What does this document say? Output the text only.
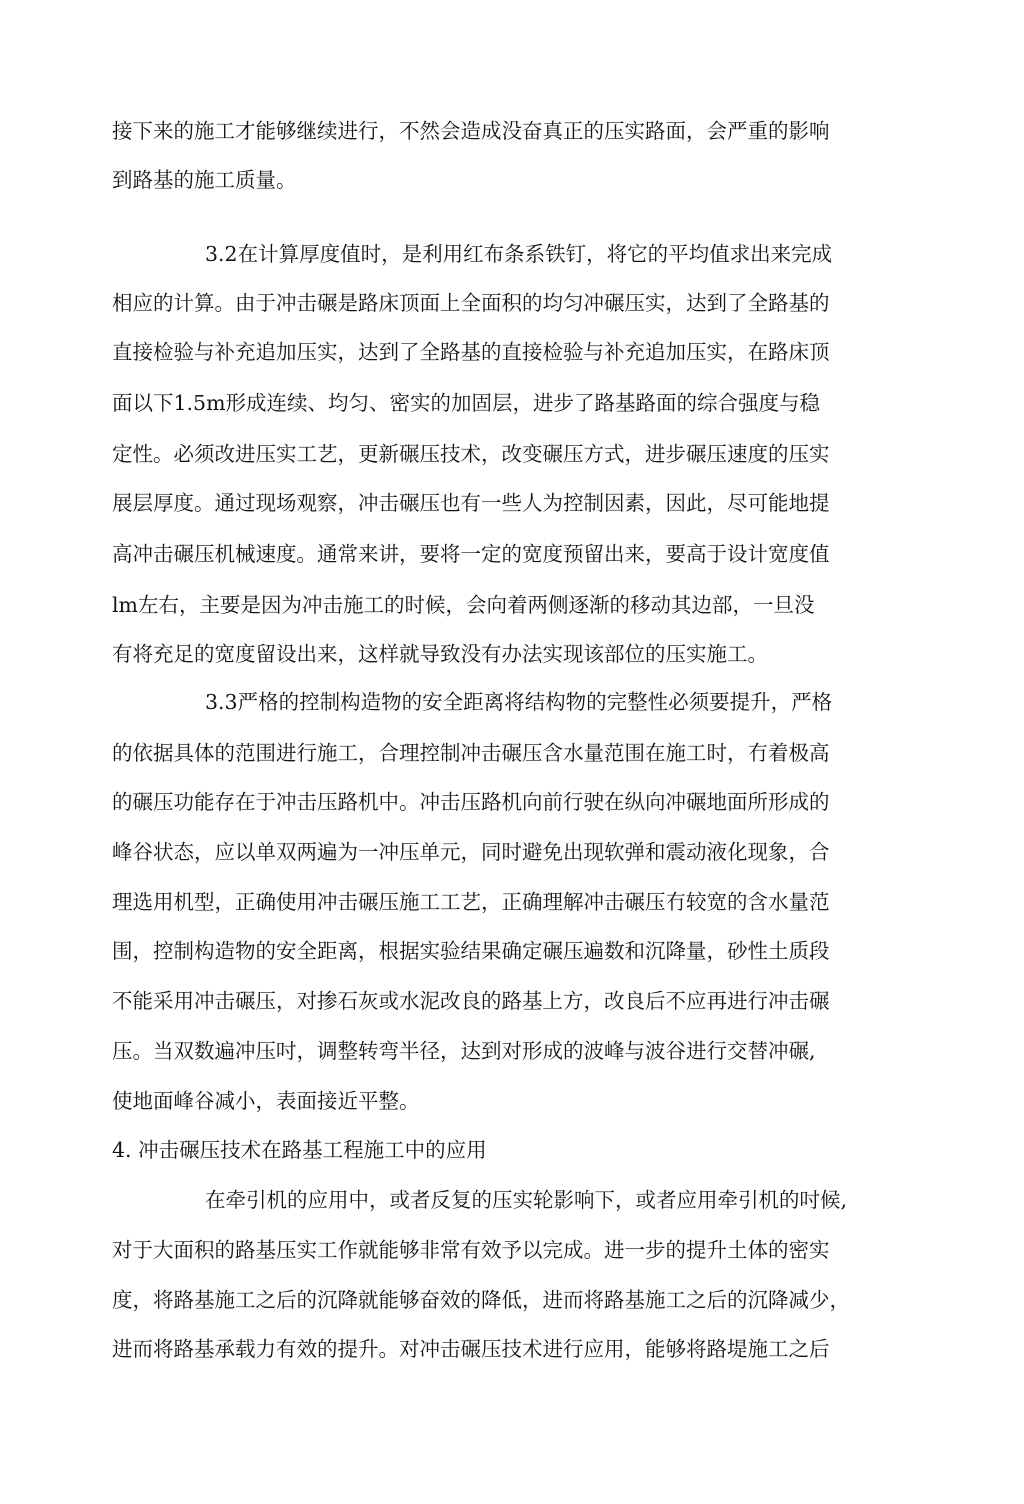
接下来的施工才能够继续进行，不然会造成没奋真正的压实路面，会严重的影响
到路基的施工质量。
3.2在计算厚度值时，是利用红布条系铁钉，将它的平均值求出来完成
相应的计算。由于冲击碾是路床顶面上全面积的均匀冲碾压实，达到了全路基的
直接检验与补充追加压实，达到了全路基的直接检验与补充追加压实，在路床顶
面以下1.5m形成连续、均匀、密实的加固层，进步了路基路面的综合强度与稳
定性。必须改进压实工艺，更新碾压技术，改变碾压方式，进步碾压速度的压实
展层厚度。通过现场观察，冲击碾压也有一些人为控制因素，因此，尽可能地提
高冲击碾压机械速度。通常来讲，要将一定的宽度预留出来，要高于设计宽度值
lm左右，主要是因为冲击施工的时候，会向着两侧逐渐的移动其边部，一旦没
有将充足的宽度留设出来，这样就导致没有办法实现该部位的压实施工。
3.3严格的控制构造物的安全距离将结构物的完整性必须要提升，严格
的依据具体的范围进行施工，合理控制冲击碾压含水量范围在施工时，冇着极高
的碾压功能存在于冲击压路机中。冲击压路机向前行驶在纵向冲碾地面所形成的
峰谷状态，应以单双两遍为一冲压单元，同时避免出现软弹和震动液化现象，合
理选用机型，正确使用冲击碾压施工工艺，正确理解冲击碾压冇较宽的含水量范
围，控制构造物的安全距离，根据实验结果确定碾压遍数和沉降量，砂性土质段
不能采用冲击碾压，对掺石灰或水泥改良的路基上方，改良后不应再进行冲击碾
压。当双数遍冲压吋，调整转弯半径，达到对形成的波峰与波谷进行交替冲碾,
使地面峰谷减小，表面接近平整。
4. 冲击碾压技术在路基工程施工中的应用
在牵引机的应用中，或者反复的压实轮影响下，或者应用牵引机的吋候,
对于大面积的路基压实工作就能够非常有效予以完成。进一步的提升土体的密实
度，将路基施工之后的沉降就能够奋效的降低，进而将路基施工之后的沉降减少，
进而将路基承载力有效的提升。对冲击碾压技术进行应用，能够将路堤施工之后
